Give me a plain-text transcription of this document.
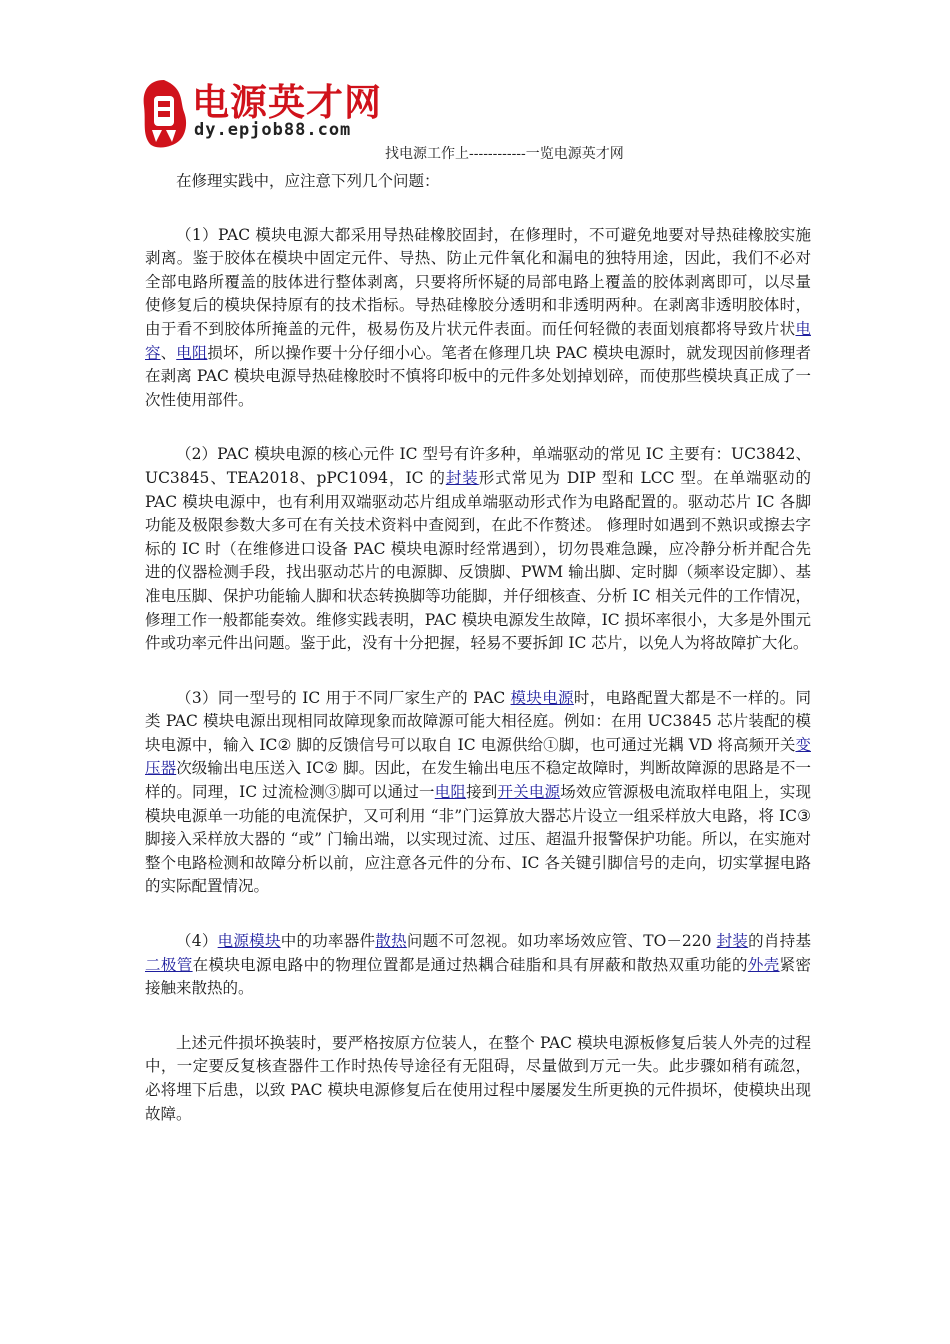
电源英才网
dy.epjob88.com
找电源工作上------------一览电源英才网

在修理实践中，应注意下列几个问题：

（1）PAC 模块电源大都采用导热硅橡胶固封，在修理时，不可避免地要对导热硅橡胶实施剥离。鉴于胶体在模块中固定元件、导热、防止元件氧化和漏电的独特用途，因此，我们不必对全部电路所覆盖的肢体进行整体剥离，只要将所怀疑的局部电路上覆盖的胶体剥离即可，以尽量使修复后的模块保持原有的技术指标。导热硅橡胶分透明和非透明两种。在剥离非透明胶体时，由于看不到胶体所掩盖的元件，极易伤及片状元件表面。而任何轻微的表面划痕都将导致片状电容、电阻损坏，所以操作要十分仔细小心。笔者在修理几块 PAC 模块电源时，就发现因前修理者在剥离 PAC 模块电源导热硅橡胶时不慎将印板中的元件多处划掉划碎，而使那些模块真正成了一次性使用部件。

（2）PAC 模块电源的核心元件 IC 型号有许多种，单端驱动的常见 IC 主要有：UC3842、UC3845、TEA2018、pPC1094，IC 的封装形式常见为 DIP 型和 LCC 型。在单端驱动的 PAC 模块电源中，也有利用双端驱动芯片组成单端驱动形式作为电路配置的。驱动芯片 IC 各脚功能及极限参数大多可在有关技术资料中查阅到，在此不作赘述。 修理时如遇到不熟识或擦去字标的 IC 时（在维修进口设备 PAC 模块电源时经常遇到），切勿畏难急躁，应冷静分析并配合先进的仪器检测手段，找出驱动芯片的电源脚、反馈脚、PWM 输出脚、定时脚（频率设定脚）、基准电压脚、保护功能输人脚和状态转换脚等功能脚，并仔细核查、分析 IC 相关元件的工作情况，修理工作一般都能奏效。维修实践表明，PAC 模块电源发生故障，IC 损坏率很小，大多是外围元件或功率元件出问题。鉴于此，没有十分把握，轻易不要拆卸 IC 芯片，以免人为将故障扩大化。

（3）同一型号的 IC 用于不同厂家生产的 PAC 模块电源时，电路配置大都是不一样的。同类 PAC 模块电源出现相同故障现象而故障源可能大相径庭。例如：在用 UC3845 芯片装配的模块电源中，输入 IC② 脚的反馈信号可以取自 IC 电源供给①脚，也可通过光耦 VD 将高频开关变压器次级输出电压送入 IC② 脚。因此，在发生输出电压不稳定故障时，判断故障源的思路是不一样的。同理，IC 过流检测③脚可以通过一电阻接到开关电源场效应管源极电流取样电阻上，实现模块电源单一功能的电流保护，又可利用 “非”门运算放大器芯片设立一组采样放大电路，将 IC③ 脚接入采样放大器的 “或” 门输出端，以实现过流、过压、超温升报警保护功能。所以，在实施对整个电路检测和故障分析以前，应注意各元件的分布、IC 各关键引脚信号的走向，切实掌握电路的实际配置情况。

（4）电源模块中的功率器件散热问题不可忽视。如功率场效应管、TO－220 封装的肖持基二极管在模块电源电路中的物理位置都是通过热耦合硅脂和具有屏蔽和散热双重功能的外壳紧密接触来散热的。

上述元件损坏换装时，要严格按原方位装人，在整个 PAC 模块电源板修复后装人外壳的过程中，一定要反复核查器件工作时热传导途径有无阻碍，尽量做到万元一失。此步骤如稍有疏忽，必将埋下后患，以致 PAC 模块电源修复后在使用过程中屡屡发生所更换的元件损坏，使模块出现故障。
